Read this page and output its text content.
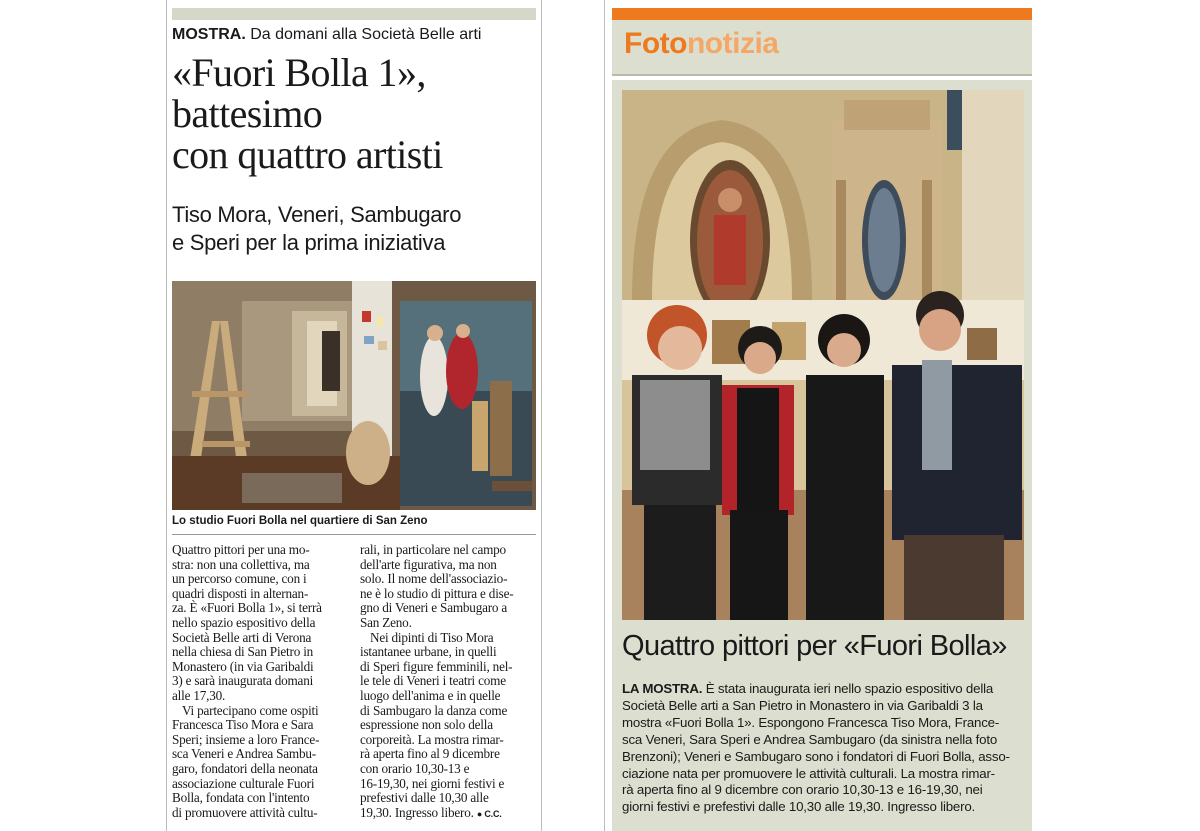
MOSTRA. Da domani alla Società Belle arti
«Fuori Bolla 1»,
battesimo
con quattro artisti
Tiso Mora, Veneri, Sambugaro
e Speri per la prima iniziativa
Lo studio Fuori Bolla nel quartiere di San Zeno
Quattro pittori per una mo-
stra: non una collettiva, ma
un percorso comune, con i
quadri disposti in alternan-
za. È «Fuori Bolla 1», si terrà
nello spazio espositivo della
Società Belle arti di Verona
nella chiesa di San Pietro in
Monastero (in via Garibaldi
3) e sarà inaugurata domani
alle 17,30.
Vi partecipano come ospiti
Francesca Tiso Mora e Sara
Speri; insieme a loro France-
sca Veneri e Andrea Sambu-
garo, fondatori della neonata
associazione culturale Fuori
Bolla, fondata con l'intento
di promuovere attività cultu-
rali, in particolare nel campo
dell'arte figurativa, ma non
solo. Il nome dell'associazio-
ne è lo studio di pittura e dise-
gno di Veneri e Sambugaro a
San Zeno.
Nei dipinti di Tiso Mora
istantanee urbane, in quelli
di Speri figure femminili, nel-
le tele di Veneri i teatri come
luogo dell'anima e in quelle
di Sambugaro la danza come
espressione non solo della
corporeità. La mostra rimar-
rà aperta fino al 9 dicembre
con orario 10,30-13 e
16-19,30, nei giorni festivi e
prefestivi dalle 10,30 alle
19,30. Ingresso libero. ● C.C.
Fotonotizia
Quattro pittori per «Fuori Bolla»
LA MOSTRA. È stata inaugurata ieri nello spazio espositivo della
Società Belle arti a San Pietro in Monastero in via Garibaldi 3 la
mostra «Fuori Bolla 1». Espongono Francesca Tiso Mora, France-
sca Veneri, Sara Speri e Andrea Sambugaro (da sinistra nella foto
Brenzoni); Veneri e Sambugaro sono i fondatori di Fuori Bolla, asso-
ciazione nata per promuovere le attività culturali. La mostra rimar-
rà aperta fino al 9 dicembre con orario 10,30-13 e 16-19,30, nei
giorni festivi e prefestivi dalle 10,30 alle 19,30. Ingresso libero.
